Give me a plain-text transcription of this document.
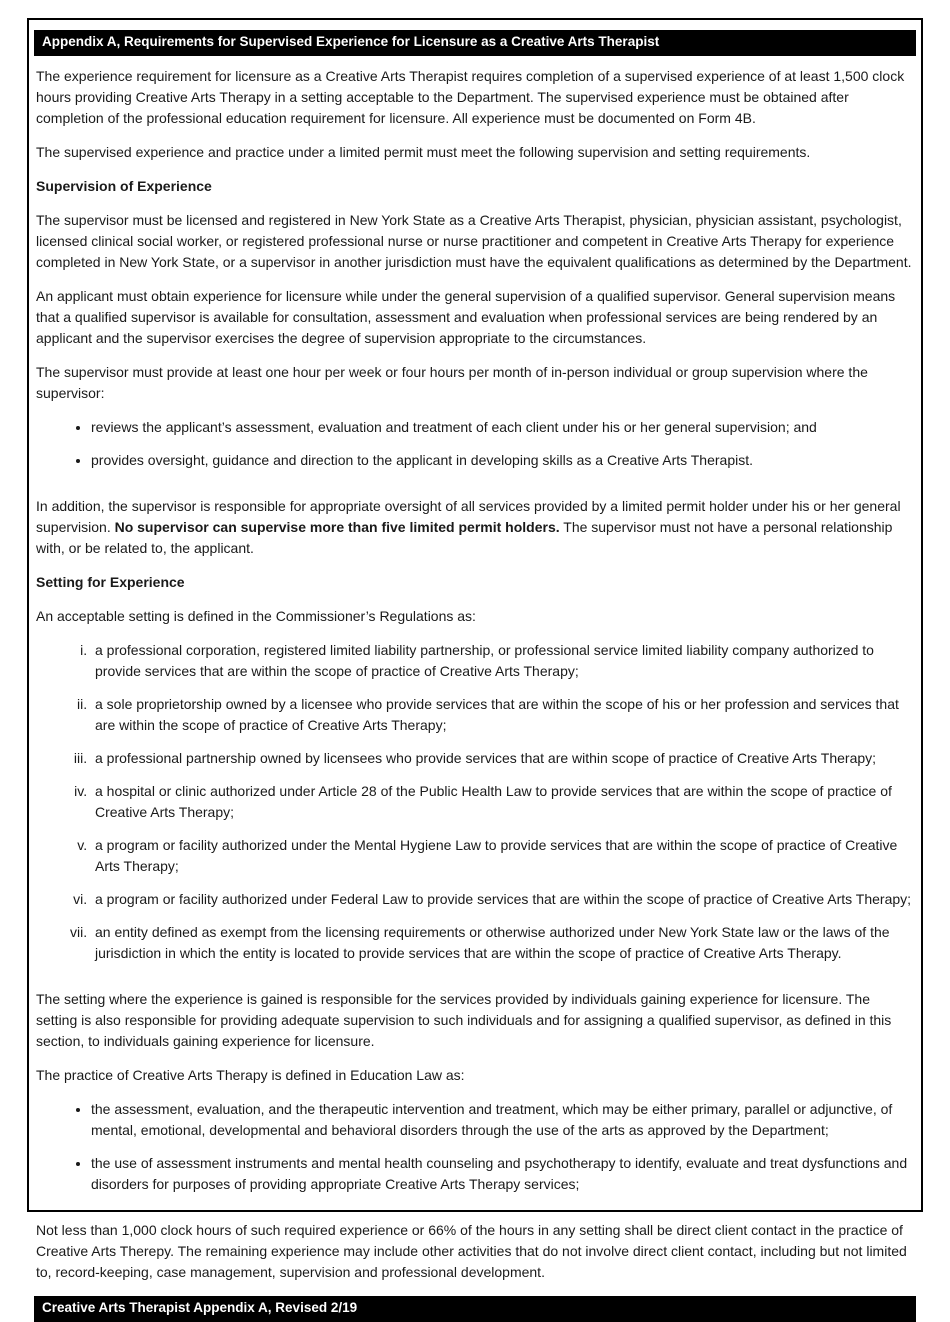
Appendix A, Requirements for Supervised Experience for Licensure as a Creative Arts Therapist

The experience requirement for licensure as a Creative Arts Therapist requires completion of a supervised experience of at least 1,500 clock hours providing Creative Arts Therapy in a setting acceptable to the Department. The supervised experience must be obtained after completion of the professional education requirement for licensure. All experience must be documented on Form 4B.

The supervised experience and practice under a limited permit must meet the following supervision and setting requirements.

Supervision of Experience

The supervisor must be licensed and registered in New York State as a Creative Arts Therapist, physician, physician assistant, psychologist, licensed clinical social worker, or registered professional nurse or nurse practitioner and competent in Creative Arts Therapy for experience completed in New York State, or a supervisor in another jurisdiction must have the equivalent qualifications as determined by the Department.

An applicant must obtain experience for licensure while under the general supervision of a qualified supervisor. General supervision means that a qualified supervisor is available for consultation, assessment and evaluation when professional services are being rendered by an applicant and the supervisor exercises the degree of supervision appropriate to the circumstances.

The supervisor must provide at least one hour per week or four hours per month of in-person individual or group supervision where the supervisor:

• reviews the applicant’s assessment, evaluation and treatment of each client under his or her general supervision; and
• provides oversight, guidance and direction to the applicant in developing skills as a Creative Arts Therapist.

In addition, the supervisor is responsible for appropriate oversight of all services provided by a limited permit holder under his or her general supervision. No supervisor can supervise more than five limited permit holders. The supervisor must not have a personal relationship with, or be related to, the applicant.

Setting for Experience

An acceptable setting is defined in the Commissioner’s Regulations as:

i. a professional corporation, registered limited liability partnership, or professional service limited liability company authorized to provide services that are within the scope of practice of Creative Arts Therapy;
ii. a sole proprietorship owned by a licensee who provide services that are within the scope of his or her profession and services that are within the scope of practice of Creative Arts Therapy;
iii. a professional partnership owned by licensees who provide services that are within scope of practice of Creative Arts Therapy;
iv. a hospital or clinic authorized under Article 28 of the Public Health Law to provide services that are within the scope of practice of Creative Arts Therapy;
v. a program or facility authorized under the Mental Hygiene Law to provide services that are within the scope of practice of Creative Arts Therapy;
vi. a program or facility authorized under Federal Law to provide services that are within the scope of practice of Creative Arts Therapy;
vii. an entity defined as exempt from the licensing requirements or otherwise authorized under New York State law or the laws of the jurisdiction in which the entity is located to provide services that are within the scope of practice of Creative Arts Therapy.

The setting where the experience is gained is responsible for the services provided by individuals gaining experience for licensure. The setting is also responsible for providing adequate supervision to such individuals and for assigning a qualified supervisor, as defined in this section, to individuals gaining experience for licensure.

The practice of Creative Arts Therapy is defined in Education Law as:

• the assessment, evaluation, and the therapeutic intervention and treatment, which may be either primary, parallel or adjunctive, of mental, emotional, developmental and behavioral disorders through the use of the arts as approved by the Department;
• the use of assessment instruments and mental health counseling and psychotherapy to identify, evaluate and treat dysfunctions and disorders for purposes of providing appropriate Creative Arts Therapy services;

Not less than 1,000 clock hours of such required experience or 66% of the hours in any setting shall be direct client contact in the practice of Creative Arts Therepy. The remaining experience may include other activities that do not involve direct client contact, including but not limited to, record-keeping, case management, supervision and professional development.

Creative Arts Therapist Appendix A, Revised 2/19
